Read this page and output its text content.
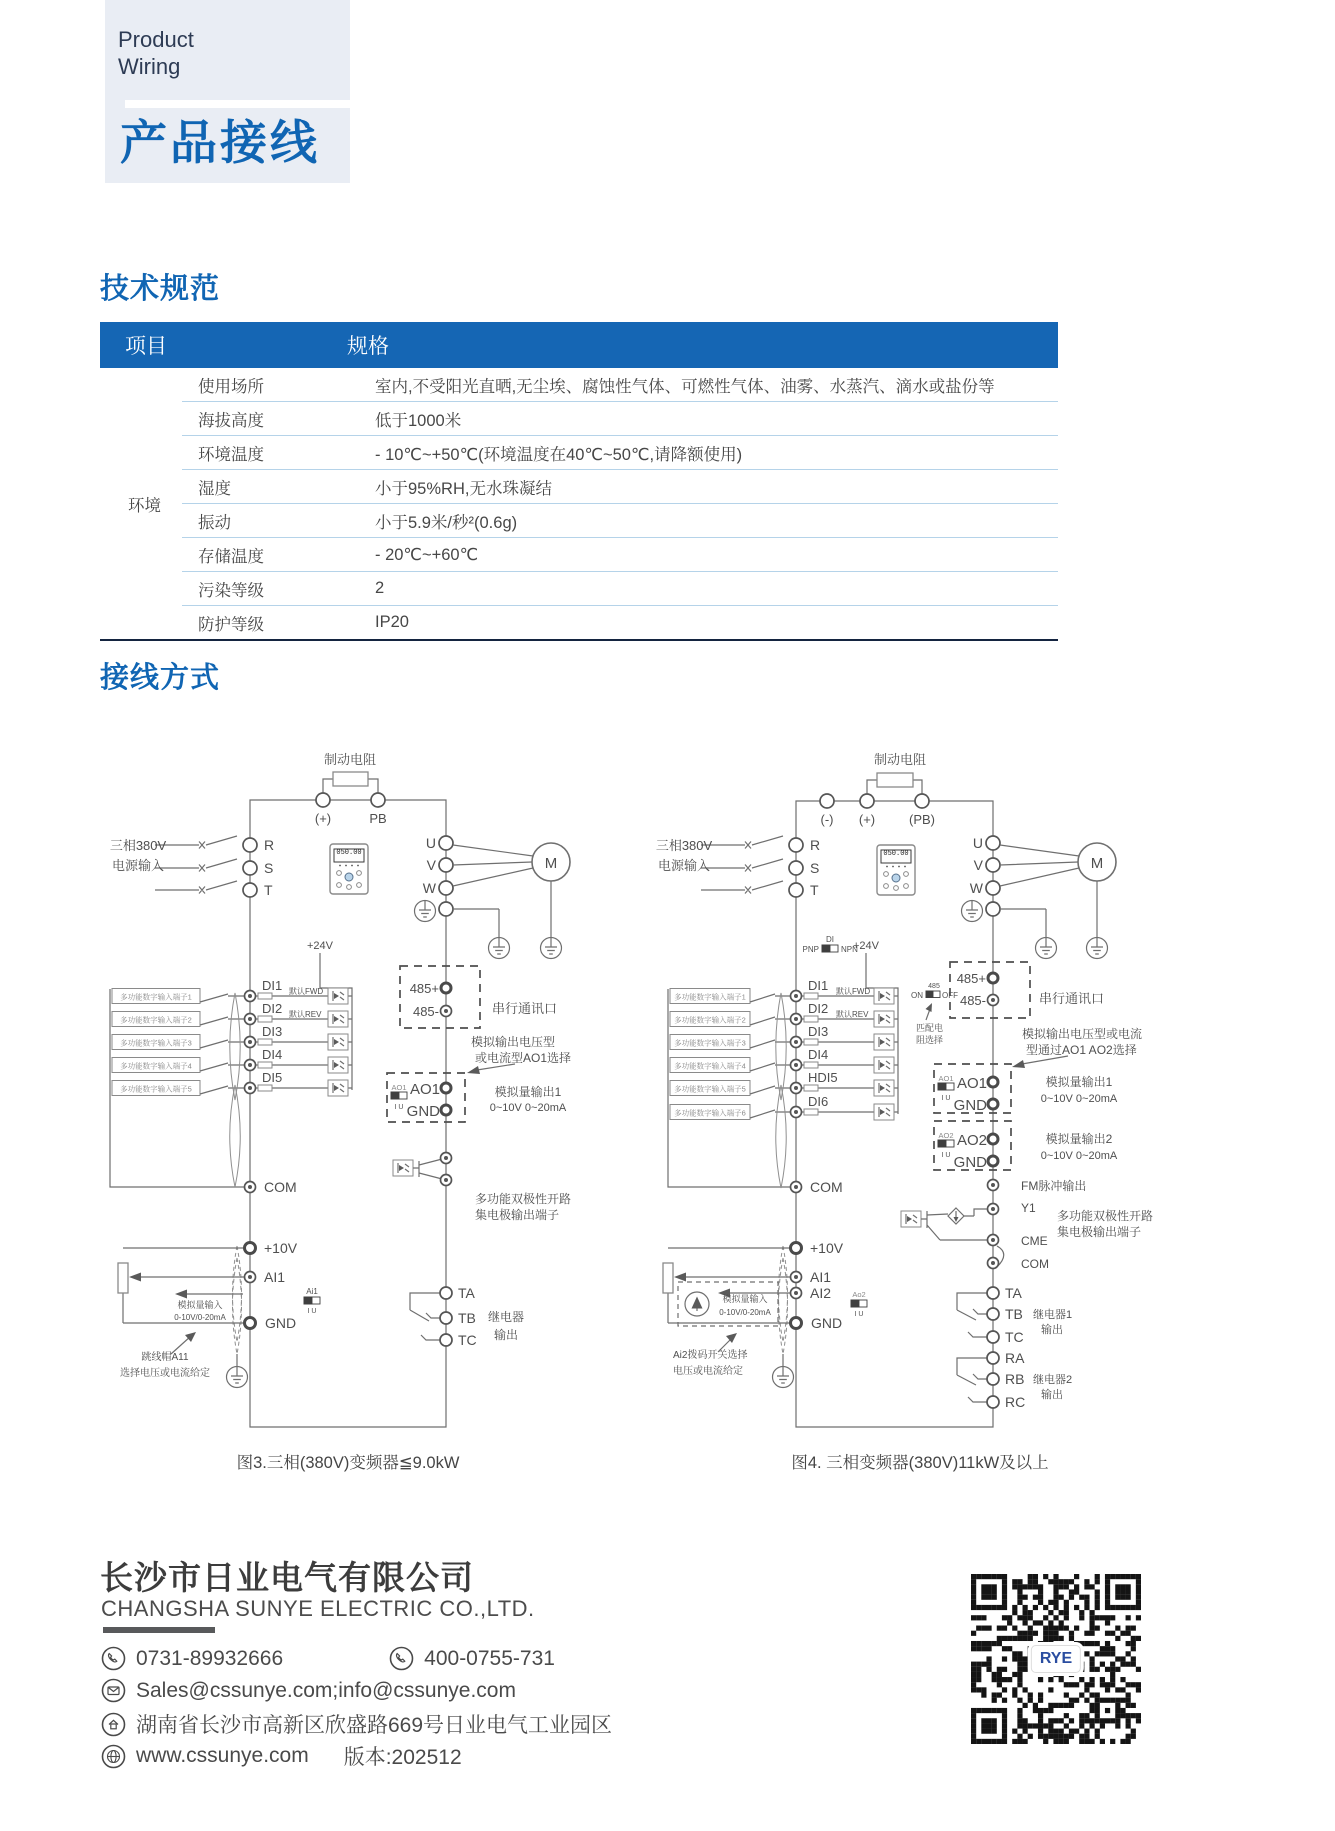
Product
Wiring
产品接线
技术规范
项目	规格
环境
使用场所	室内,不受阳光直晒,无尘埃、腐蚀性气体、可燃性气体、油雾、水蒸汽、滴水或盐份等
海拔高度	低于1000米
环境温度	- 10℃~+50℃(环境温度在40℃~50℃,请降额使用)
湿度	小于95%RH,无水珠凝结
振动	小于5.9米/秒²(0.6g)
存储温度	- 20℃~+60℃
污染等级	2
防护等级	IP20
接线方式
制动电阻
(+)	PB
三相380V
电源输入
R
S
T
050.00
+24V
多功能数字输入端子1
DI1 默认FWD
多功能数字输入端子2
DI2 默认REV
多功能数字输入端子3
DI3
多功能数字输入端子4
DI4
多功能数字输入端子5
DI5
COM
+10V
AI1
GND
模拟量输入
0-10V/0-20mA
跳线帽A11
选择电压或电流给定
Ai1
I U
U
V
W
M
485+
485-	串行通讯口
模拟输出电压型
或电流型AO1选择
AO1
I U
AO1
GND
模拟量输出1
0~10V 0~20mA
多功能双极性开路
集电极输出端子
TA
TB
TC
继电器
输出
图3.三相(380V)变频器≦9.0kW
制动电阻
(-) (+)	(PB)
三相380V
电源输入
R
S
T
050.00
DI
PNP	NPN
+24V
多功能数字输入端子1
DI1 默认FWD
多功能数字输入端子2
DI2 默认REV
多功能数字输入端子3
DI3
多功能数字输入端子4
DI4
多功能数字输入端子5
HDI5
多功能数字输入端子6
DI6
COM
+10V
AI1
AI2
GND
模拟量输入
0-10V/0-20mA
Ai2拨码开关选择
电压或电流给定
Ao2
I U
U
V
W
M
485+
485-	串行通讯口
485
ON OFF
匹配电
阻选择	模拟输出电压型或电流
型通过AO1 AO2选择
AO1
I U
AO1
GND
模拟量输出1
0~10V 0~20mA
AO2
I U
AO2
GND
模拟量输出2
0~10V 0~20mA
FM脉冲输出
Y1
CME
多功能双极性开路
集电极输出端子
COM
TA
TB
TC
继电器1
输出
RA
RB
RC
继电器2
输出
图4. 三相变频器(380V)11kW及以上
长沙市日业电气有限公司
CHANGSHA SUNYE ELECTRIC CO.,LTD.
0731-89932666	400-0755-731
Sales@cssunye.com;info@cssunye.com
湖南省长沙市高新区欣盛路669号日业电气工业园区
www.cssunye.com 版本:202512
RYE
